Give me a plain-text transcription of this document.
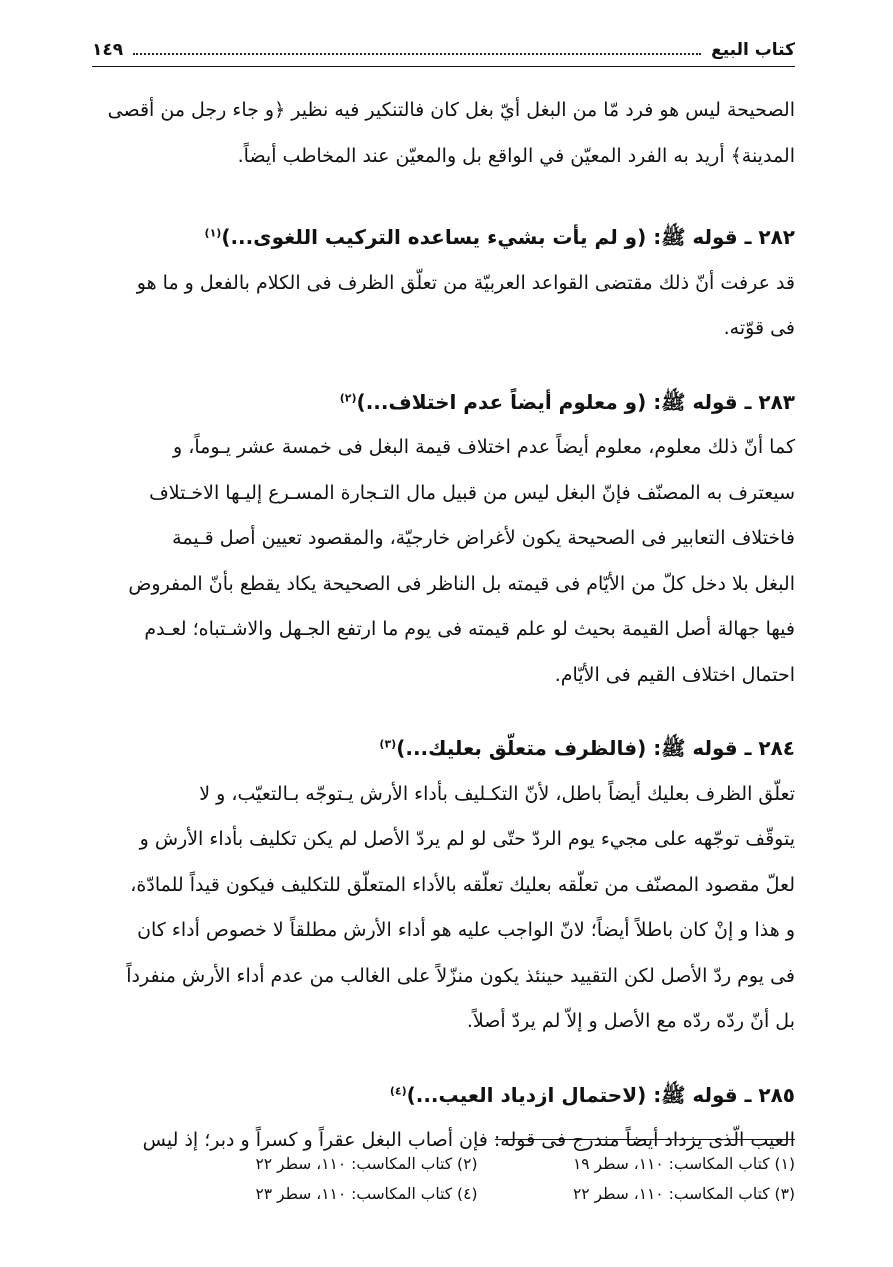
كتاب البيع
١٤٩

الصحيحة ليس هو فرد مّا من البغل أيّ بغل كان فالتنكير فيه نظير ﴿و جاء رجل من أقصى

المدينة﴾ أريد به الفرد المعيّن في الواقع بل والمعيّن عند المخاطب أيضاً.

٢٨٢ ـ قوله ﷺ: (و لم يأت بشيء يساعده التركيب اللغوى...)$^{(١)}$

قد عرفت أنّ ذلك مقتضى القواعد العربيّة من تعلّق الظرف فى الكلام بالفعل و ما هو

فى قوّته.

٢٨٣ ـ قوله ﷺ: (و معلوم أيضاً عدم اختلاف...)$^{(٢)}$

كما أنّ ذلك معلوم، معلوم أيضاً عدم اختلاف قيمة البغل فى خمسة عشر يـوماً، و

سيعترف به المصنّف فإنّ البغل ليس من قبيل مال التـجارة المسـرع إليـها الاخـتلاف

فاختلاف التعابير فى الصحيحة يكون لأغراض خارجيّة، والمقصود تعيين أصل قـيمة

البغل بلا دخل كلّ من الأيّام فى قيمته بل الناظر فى الصحيحة يكاد يقطع بأنّ المفروض

فيها جهالة أصل القيمة بحيث لو علم قيمته فى يوم ما ارتفع الجـهل والاشـتباه؛ لعـدم

احتمال اختلاف القيم فى الأيّام.

٢٨٤ ـ قوله ﷺ: (فالظرف متعلّق بعليك...)$^{(٣)}$

تعلّق الظرف بعليك أيضاً باطل، لأنّ التكـليف بأداء الأرش يـتوجّه بـالتعيّب، و لا

يتوقّف توجّهه على مجيء يوم الردّ حتّى لو لم يردّ الأصل لم يكن تكليف بأداء الأرش و

لعلّ مقصود المصنّف من تعلّقه بعليك تعلّقه بالأداء المتعلّق للتكليف فيكون قيداً للمادّة،

و هذا و إنْ كان باطلاً أيضاً؛ لانّ الواجب عليه هو أداء الأرش مطلقاً لا خصوص أداء كان

فى يوم ردّ الأصل لكن التقييد حينئذ يكون منزّلاً على الغالب من عدم أداء الأرش منفرداً

بل أنّ ردّه ردّه مع الأصل و إلاّ لم يردّ أصلاً.

٢٨٥ ـ قوله ﷺ: (لاحتمال ازدياد العيب...)$^{(٤)}$

العيب الّذى يزداد أيضاً مندرج فى قوله: فإن أصاب البغل عقراً و كسراً و دبر؛ إذ ليس

(١) كتاب المكاسب: ١١٠، سطر ١٩
(٢) كتاب المكاسب: ١١٠، سطر ٢٢
(٣) كتاب المكاسب: ١١٠، سطر ٢٢
(٤) كتاب المكاسب: ١١٠، سطر ٢٣
